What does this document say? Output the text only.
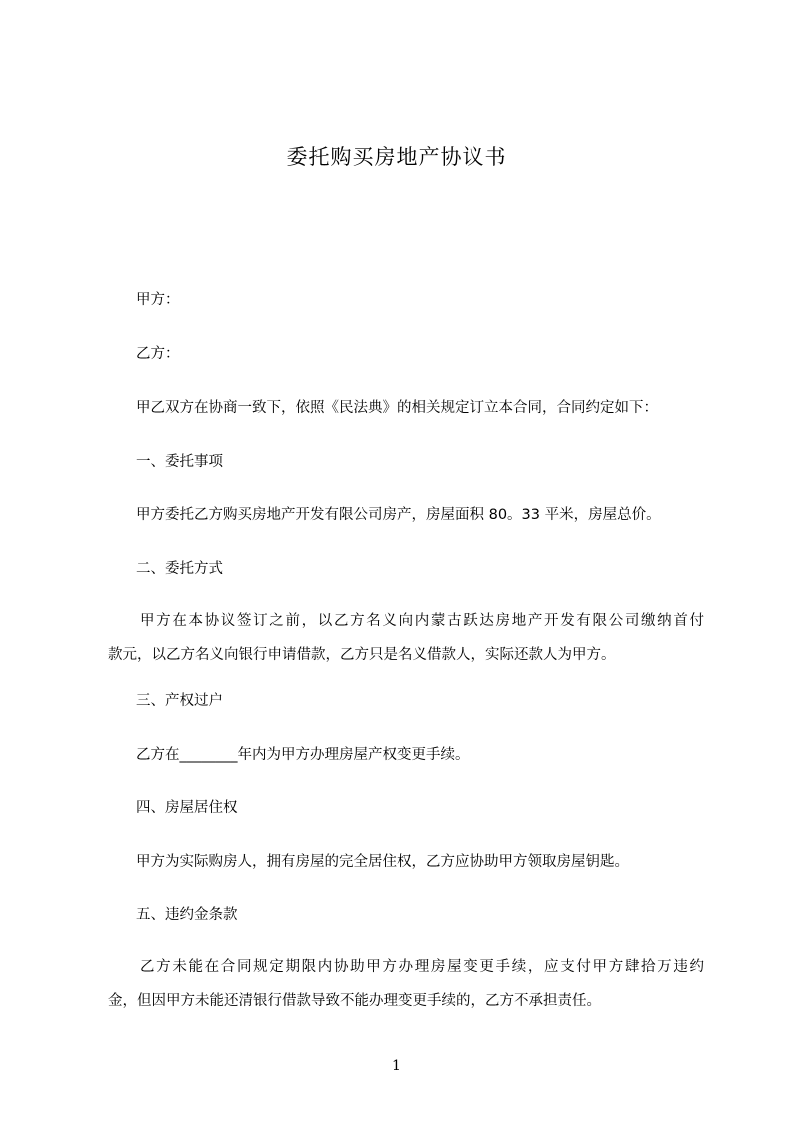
委托购买房地产协议书
甲方：
乙方：
甲乙双方在协商一致下，依照《民法典》的相关规定订立本合同，合同约定如下：
一、委托事项
甲方委托乙方购买房地产开发有限公司房产，房屋面积 80。33 平米，房屋总价。
二、委托方式
甲方在本协议签订之前，以乙方名义向内蒙古跃达房地产开发有限公司缴纳首付
款元，以乙方名义向银行申请借款，乙方只是名义借款人，实际还款人为甲方。
三、产权过户
乙方在________年内为甲方办理房屋产权变更手续。
四、房屋居住权
甲方为实际购房人，拥有房屋的完全居住权，乙方应协助甲方领取房屋钥匙。
五、违约金条款
乙方未能在合同规定期限内协助甲方办理房屋变更手续，应支付甲方肆拾万违约
金，但因甲方未能还清银行借款导致不能办理变更手续的，乙方不承担责任。
1
